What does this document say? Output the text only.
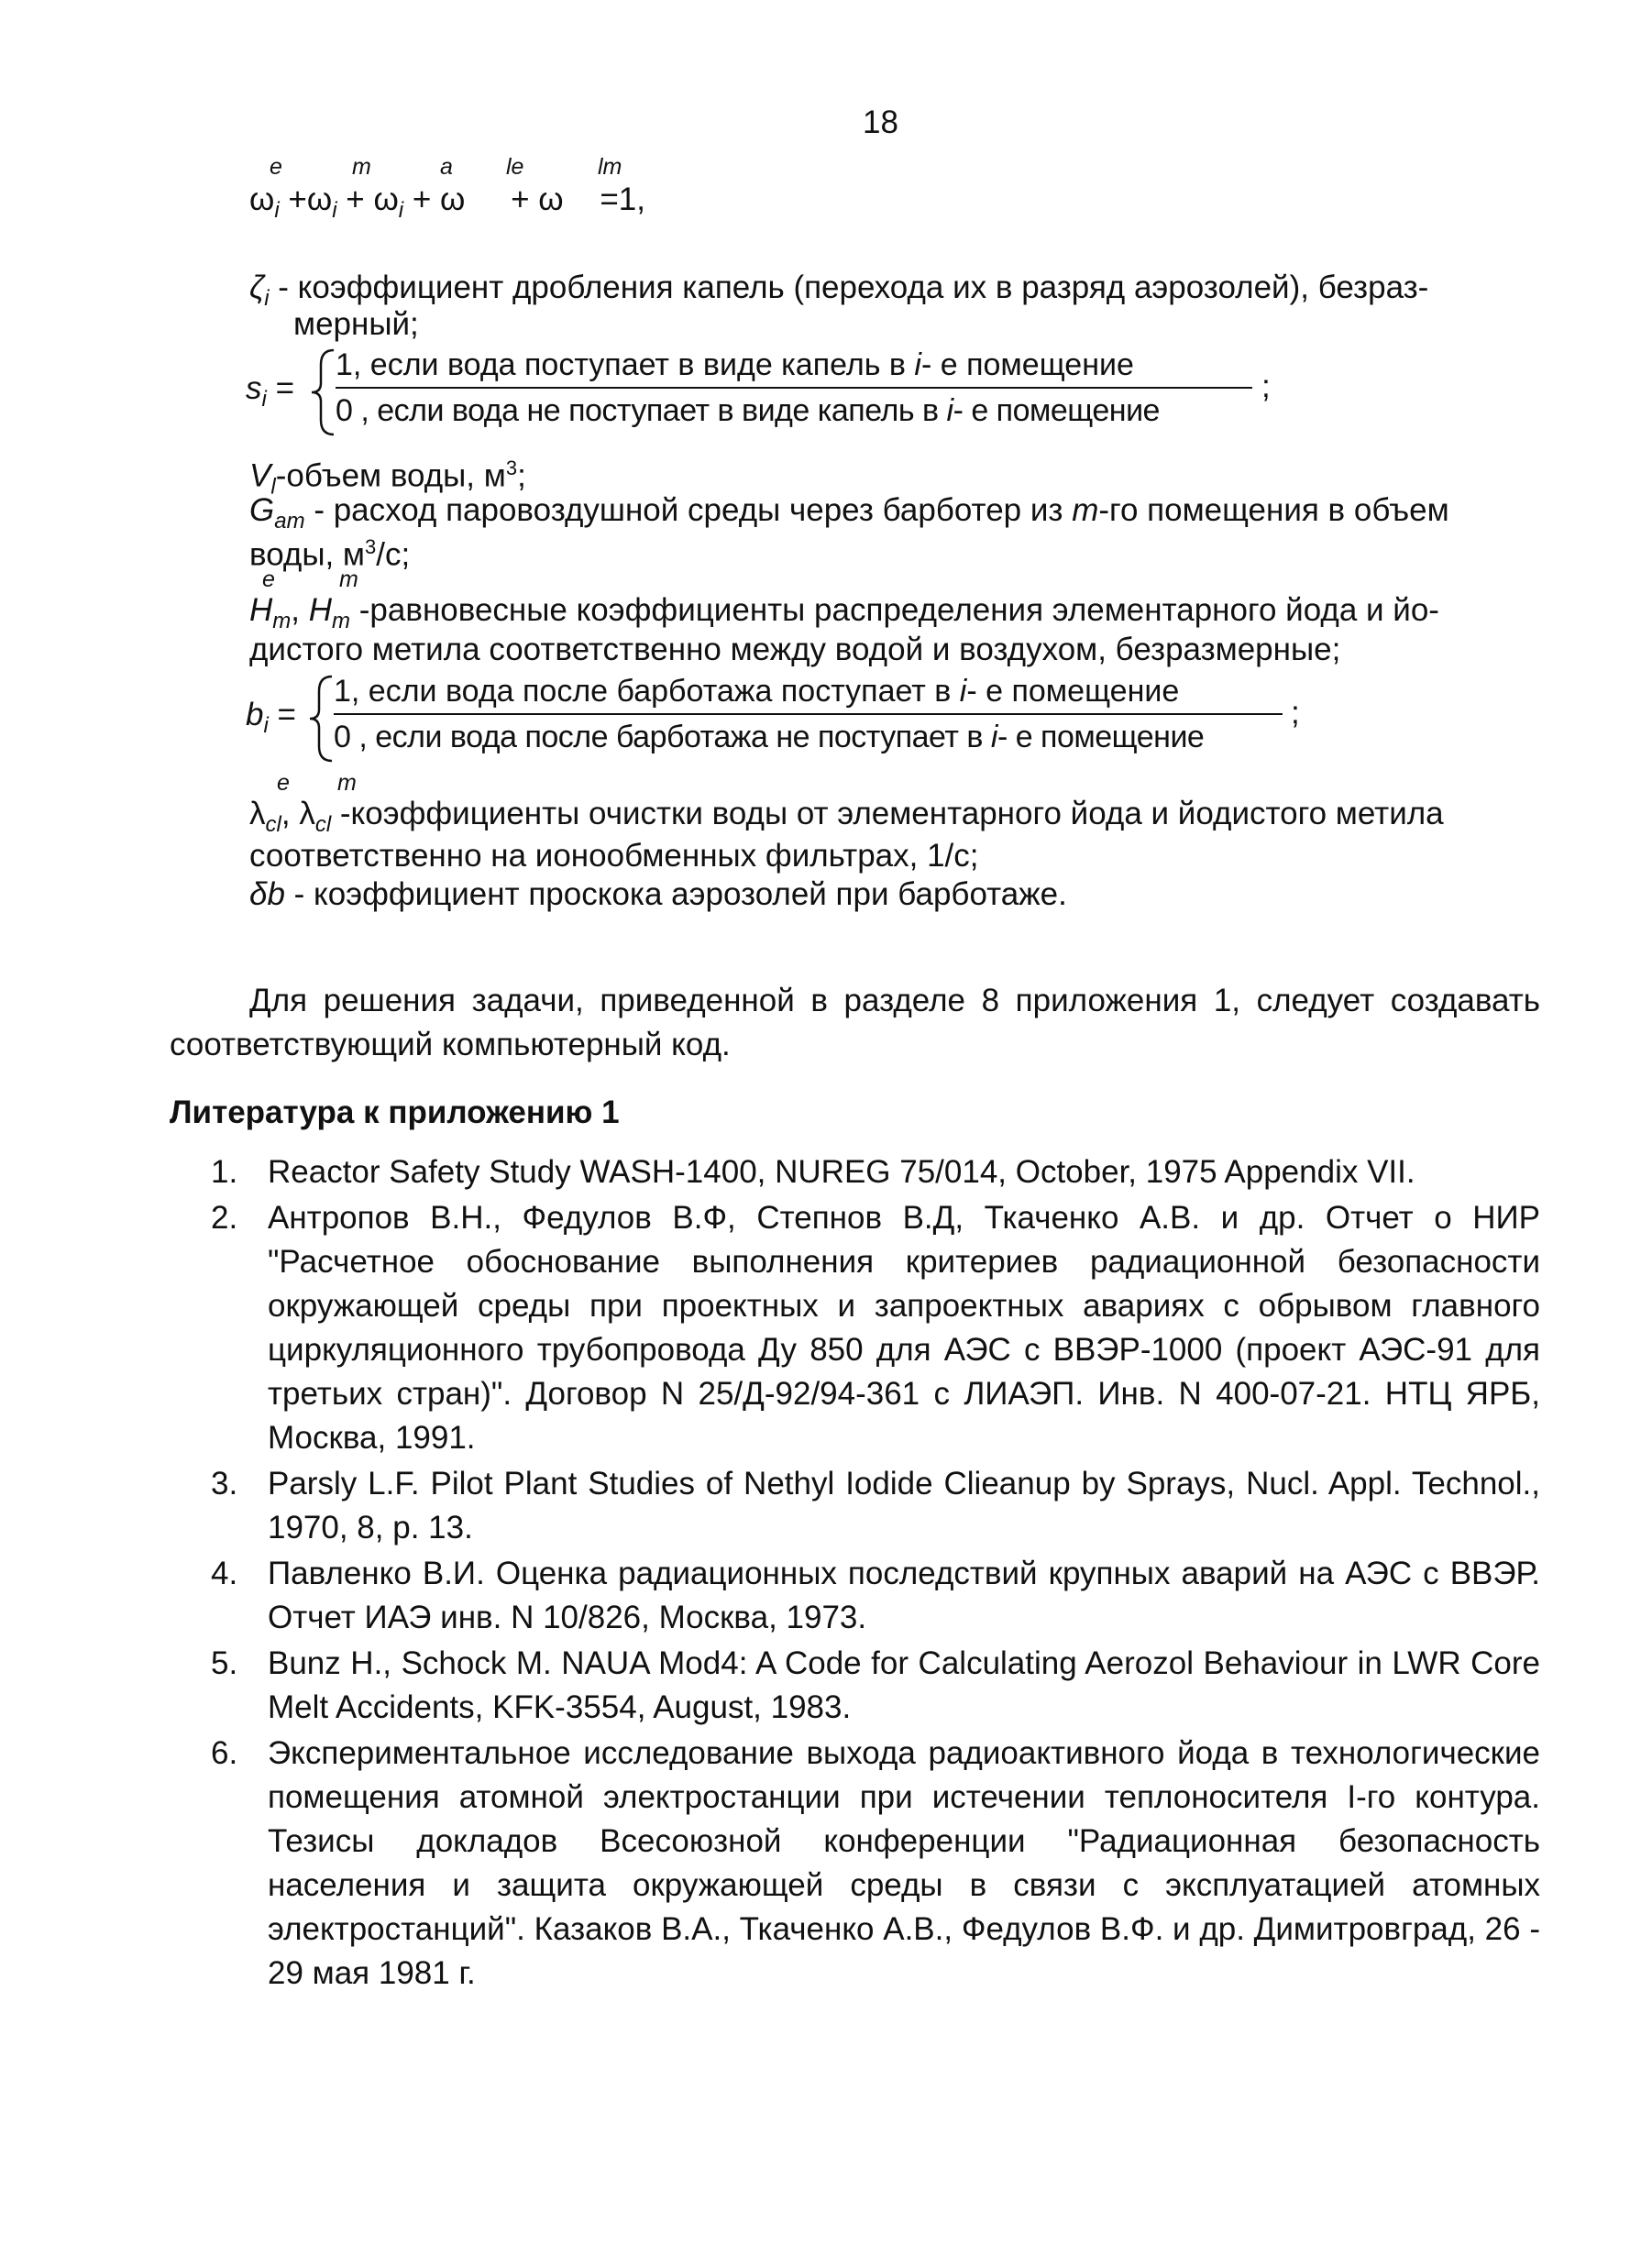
18
e	m	a le	lm
$\omega_i +\omega_i + \omega_i + \omega + \omega =1$,
$\zeta_i$ - коэффициент дробления капель (перехода их в разряд аэрозолей), безраз-
мерный;
$s_i$ =
1, если вода поступает в виде капель в i- е помещение
0 , если вода не поступает в виде капель в i- е помещение
;
$V_l$-объем воды, $м^3$;
$G_{am}$ - расход паровоздушной среды через барботер из m-го помещения в объем
воды, $м^3/с$;
e	m
$H_m$, $H_m$ -равновесные коэффициенты распределения элементарного йода и йо-
дистого метила соответственно между водой и воздухом, безразмерные;
$b_i$ =
1, если вода после барботажа поступает в i- е помещение
0 , если вода после барботажа не поступает в i- е помещение
;
e m
$\lambda_{cl}$, $\lambda_{cl}$ -коэффициенты очистки воды от элементарного йода и йодистого метила
соответственно на ионообменных фильтрах, 1/с;
δb - коэффициент проскока аэрозолей при барботаже.
Для решения задачи, приведенной в разделе 8 приложения 1, следует создавать соответствующий компьютерный код.
Литература к приложению 1
1. Reactor Safety Study WASH-1400, NUREG 75/014, October, 1975 Appendix VII.
2. Антропов В.Н., Федулов В.Ф, Степнов В.Д, Ткаченко А.В. и др. Отчет о НИР "Расчетное обоснование выполнения критериев радиационной безопасности окружающей среды при проектных и запроектных авариях с обрывом главного циркуляционного трубопровода Ду 850 для АЭС с ВВЭР-1000 (проект АЭС-91 для третьих стран)". Договор N 25/Д-92/94-361 с ЛИАЭП. Инв. N 400-07-21. НТЦ ЯРБ, Москва, 1991.
3. Parsly L.F. Pilot Plant Studies of Nethyl Iodide Clieanup by Sprays, Nucl. Appl. Technol., 1970, 8, p. 13.
4. Павленко В.И. Оценка радиационных последствий крупных аварий на АЭС с ВВЭР. Отчет ИАЭ инв. N 10/826, Москва, 1973.
5. Bunz H., Schock M. NAUA Mod4: A Code for Calculating Aerozol Behaviour in LWR Core Melt Accidents, KFK-3554, August, 1983.
6. Экспериментальное исследование выхода радиоактивного йода в технологические помещения атомной электростанции при истечении теплоносителя I-го контура. Тезисы докладов Всесоюзной конференции "Радиационная безопасность населения и защита окружающей среды в связи с эксплуатацией атомных электростанций". Казаков В.А., Ткаченко А.В., Федулов В.Ф. и др. Димитровград, 26 - 29 мая 1981 г.
